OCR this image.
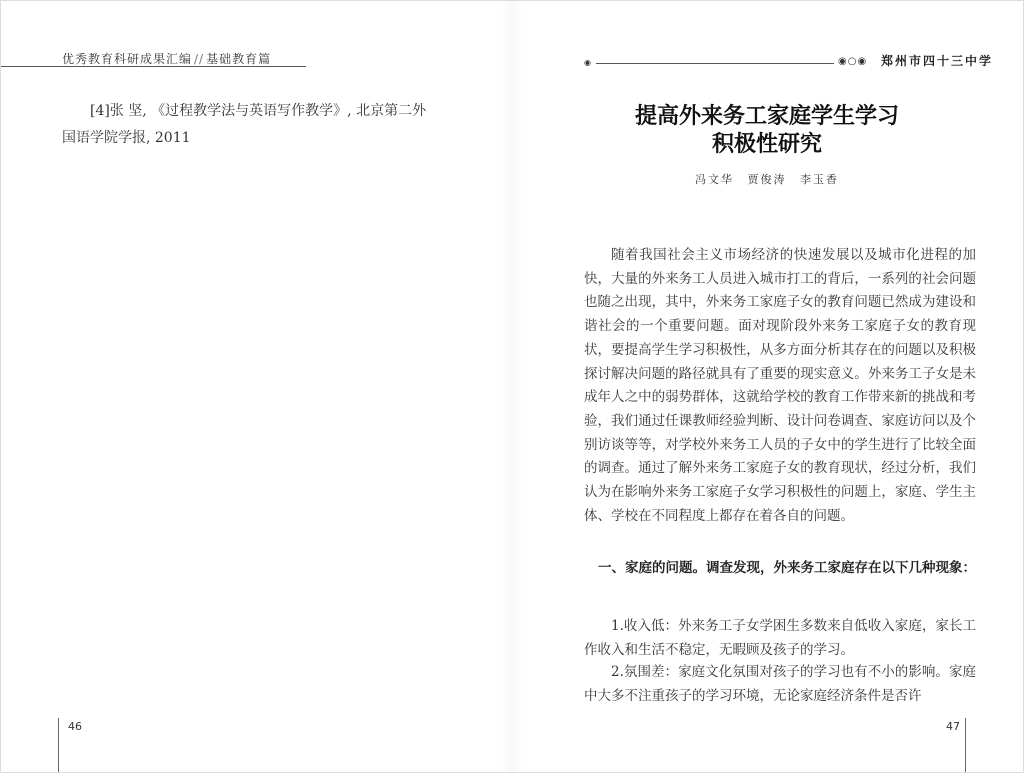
优秀教育科研成果汇编 // 基础教育篇
[4]张 坚, 《过程教学法与英语写作教学》, 北京第二外
国语学院学报, 2011
46
◉	◉○◉ 郑州市四十三中学
提高外来务工家庭学生学习
积极性研究
冯文华 贾俊涛 李玉香

随着我国社会主义市场经济的快速发展以及城市化进程的加快，大量的外来务工人员进入城市打工的背后，一系列的社会问题也随之出现，其中，外来务工家庭子女的教育问题已然成为建设和谐社会的一个重要问题。面对现阶段外来务工家庭子女的教育现状，要提高学生学习积极性，从多方面分析其存在的问题以及积极探讨解决问题的路径就具有了重要的现实意义。外来务工子女是未成年人之中的弱势群体，这就给学校的教育工作带来新的挑战和考验，我们通过任课教师经验判断、设计问卷调查、家庭访问以及个别访谈等等，对学校外来务工人员的子女中的学生进行了比较全面的调查。通过了解外来务工家庭子女的教育现状，经过分析，我们认为在影响外来务工家庭子女学习积极性的问题上，家庭、学生主体、学校在不同程度上都存在着各自的问题。

一、家庭的问题。调查发现，外来务工家庭存在以下几种现象：

1.收入低：外来务工子女学困生多数来自低收入家庭，家长工作收入和生活不稳定，无暇顾及孩子的学习。

2.氛围差：家庭文化氛围对孩子的学习也有不小的影响。家庭中大多不注重孩子的学习环境，无论家庭经济条件是否许

47
